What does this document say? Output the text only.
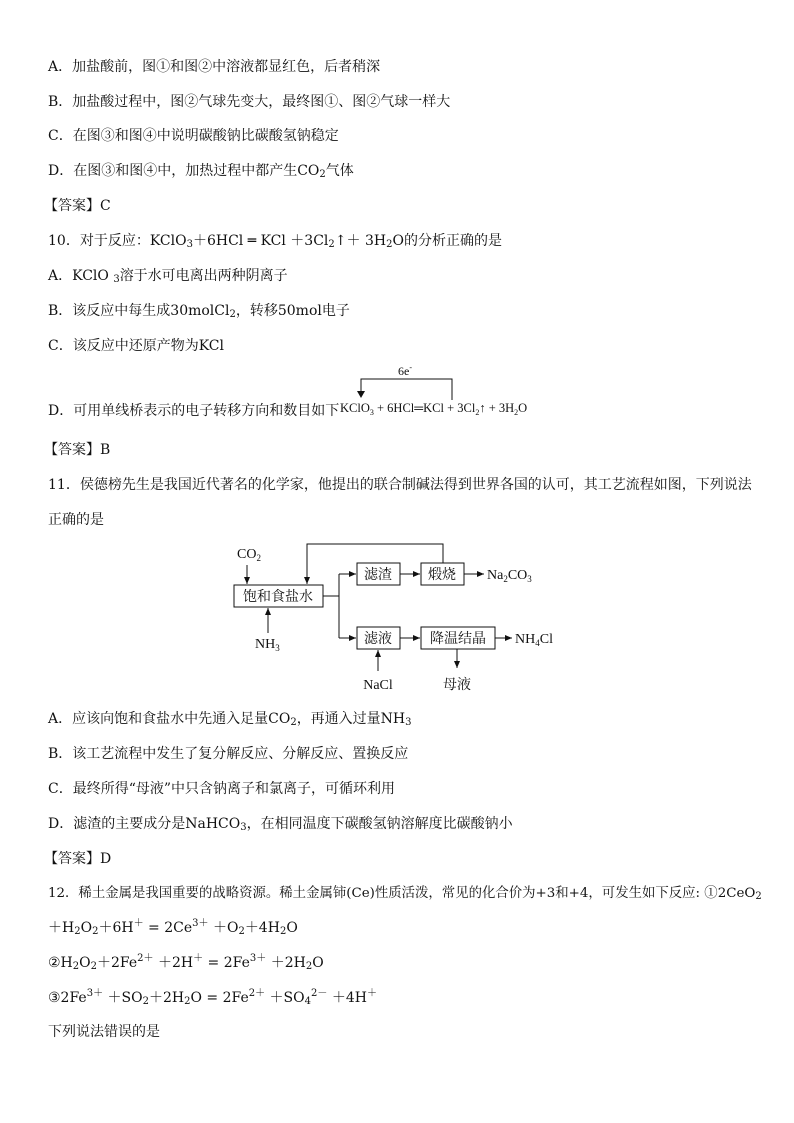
A．加盐酸前，图①和图②中溶液都显红色，后者稍深
B．加盐酸过程中，图②气球先变大，最终图①、图②气球一样大
C．在图③和图④中说明碳酸钠比碳酸氢钠稳定
D．在图③和图④中，加热过程中都产生$CO_2$气体
【答案】C
10．对于反应：KClO$_3$＋6HCl ═ KCl $+3Cl_2↑+ 3H_2O$的分析正确的是
A．KClO $_3$溶于水可电离出两种阴离子
B．该反应中每生成30molCl$_2$，转移50mol电子
C．该反应中还原产物为KCl
D．可用单线桥表示的电子转移方向和数目如下
6e-
KClO$_3$ + 6HCl═KCl + $3Cl_2↑ + 3H_2O$
【答案】B
11．侯德榜先生是我国近代著名的化学家，他提出的联合制碱法得到世界各国的认可，其工艺流程如图，下列说法
正确的是
$CO_2$
饱和食盐水
$NH_3$
滤渣	煅烧 $Na_2CO_3$
滤液	降温结晶 $NH_4Cl$
NaCl	母液
A．应该向饱和食盐水中先通入足量$CO_2$，再通入过量$NH_3$
B．该工艺流程中发生了复分解反应、分解反应、置换反应
C．最终所得“母液”中只含钠离子和氯离子，可循环利用
D．滤渣的主要成分是NaHCO$_3$，在相同温度下碳酸氢钠溶解度比碳酸钠小
【答案】D
12．稀土金属是我国重要的战略资源。稀土金属铈(Ce)性质活泼，常见的化合价为+3和+4，可发生如下反应: ①2CeO$_2$
$+H_2O_2+6H^+ = 2Ce^{3+} +O_2+4H_2O$
$②H_2O_2+2Fe^{2+} +2H^+ = 2Fe^{3+} +2H_2O$
$③2Fe^{3+} +SO_2+2H_2O = 2Fe^{2+} +SO_4^{2-} +4H^+$
下列说法错误的是
